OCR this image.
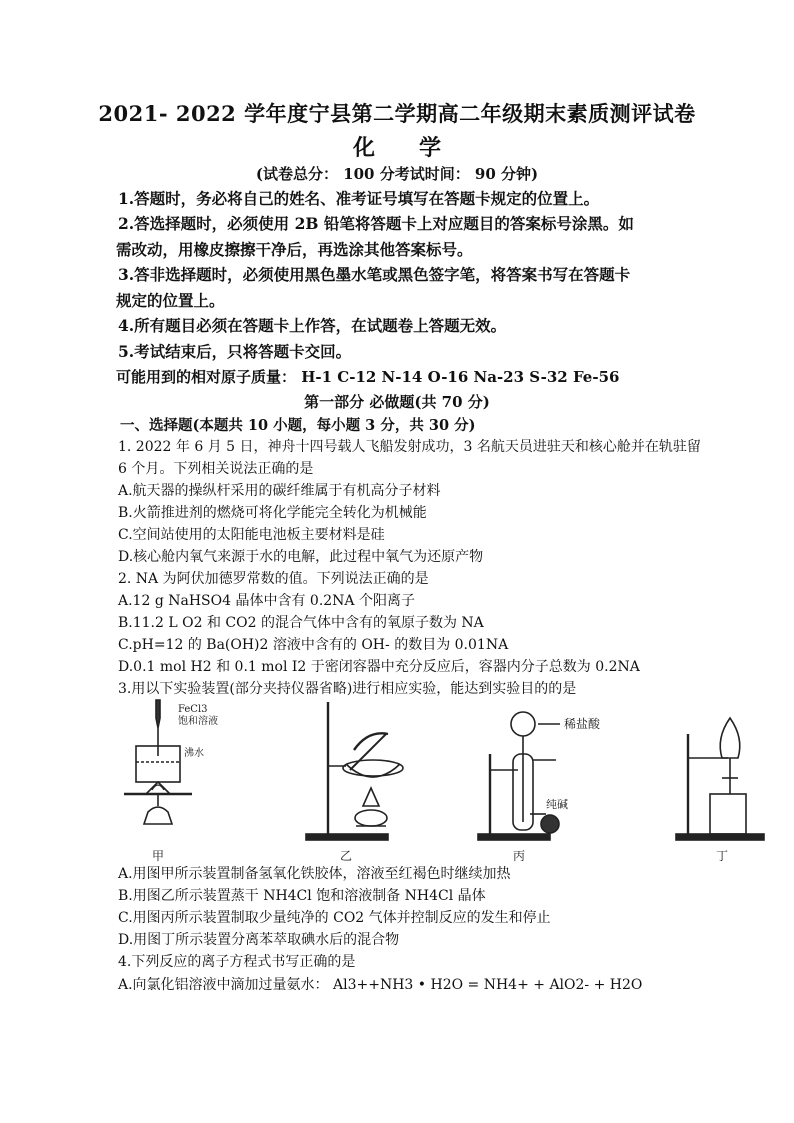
2021- 2022 学年度宁县第二学期高二年级期末素质测评试卷
化 学
(试卷总分： 100 分考试时间： 90 分钟)
1.答题时，务必将自己的姓名、准考证号填写在答题卡规定的位置上。
2.答选择题时，必须使用 2B 铅笔将答题卡上对应题目的答案标号涂黑。如
需改动，用橡皮擦擦干净后，再选涂其他答案标号。
3.答非选择题时，必须使用黑色墨水笔或黑色签字笔，将答案书写在答题卡
规定的位置上。
4.所有题目必须在答题卡上作答，在试题卷上答题无效。
5.考试结束后，只将答题卡交回。
可能用到的相对原子质量： H-1 C-12 N-14 O-16 Na-23 S-32 Fe-56
第一部分 必做题(共 70 分)
一、选择题(本题共 10 小题，每小题 3 分，共 30 分)
1. 2022 年 6 月 5 日，神舟十四号载人飞船发射成功，3 名航天员进驻天和核心舱并在轨驻留
6 个月。下列相关说法正确的是
A.航天器的操纵杆采用的碳纤维属于有机高分子材料
B.火箭推进剂的燃烧可将化学能完全转化为机械能
C.空间站使用的太阳能电池板主要材料是硅
D.核心舱内氧气来源于水的电解，此过程中氧气为还原产物
2. NA 为阿伏加德罗常数的值。下列说法正确的是
A.12 g NaHSO4 晶体中含有 0.2NA 个阳离子
B.11.2 L O2 和 CO2 的混合气体中含有的氧原子数为 NA
C.pH=12 的 Ba(OH)2 溶液中含有的 OH- 的数目为 0.01NA
D.0.1 mol H2 和 0.1 mol I2 于密闭容器中充分反应后，容器内分子总数为 0.2NA
3.用以下实验装置(部分夹持仪器省略)进行相应实验，能达到实验目的的是
FeCl3
饱和溶液
沸水
稀盐酸
纯碱
甲	乙	丙	丁
A.用图甲所示装置制备氢氧化铁胶体，溶液至红褐色时继续加热
B.用图乙所示装置蒸干 NH4Cl 饱和溶液制备 NH4Cl 晶体
C.用图丙所示装置制取少量纯净的 CO2 气体并控制反应的发生和停止
D.用图丁所示装置分离苯萃取碘水后的混合物
4.下列反应的离子方程式书写正确的是
A.向氯化铝溶液中滴加过量氨水： Al3++NH3 • H2O = NH4+ + AlO2- + H2O
